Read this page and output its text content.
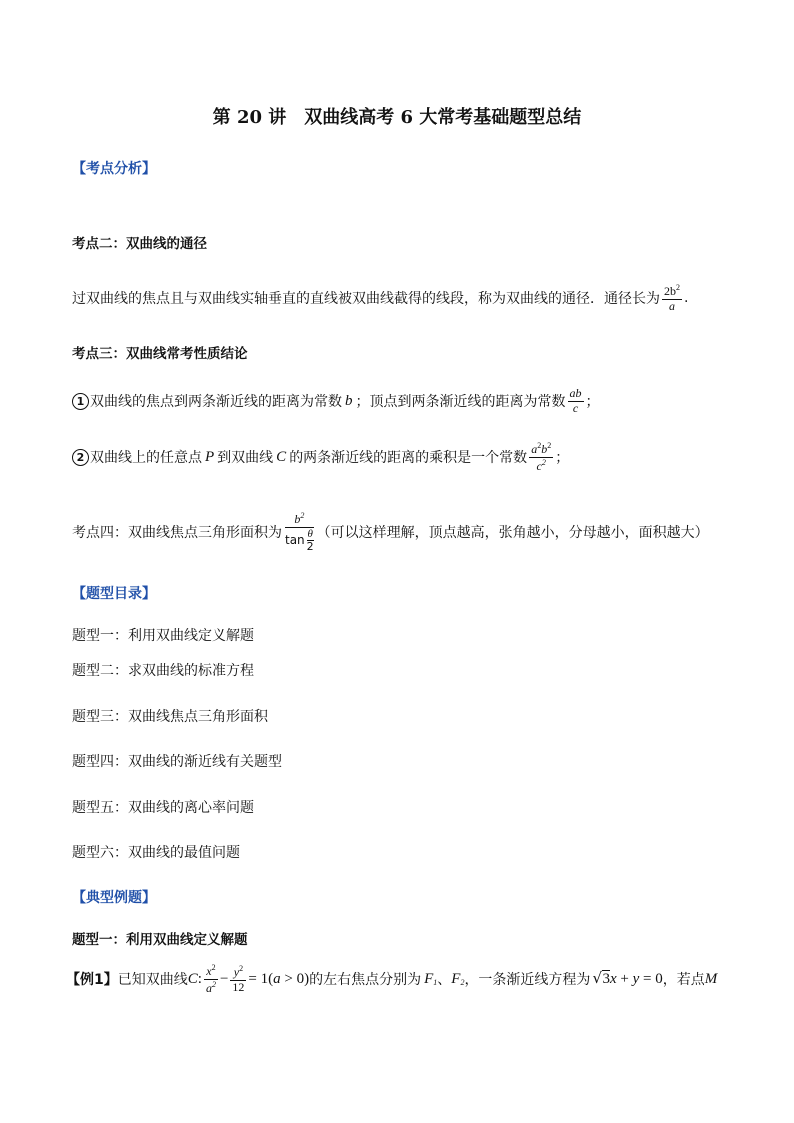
第 20 讲　双曲线高考 6 大常考基础题型总结
【考点分析】
考点二：双曲线的通径
过双曲线的焦点且与双曲线实轴垂直的直线被双曲线截得的线段，称为双曲线的通径．通径长为 $\frac{2b^2}{a}$ .
考点三：双曲线常考性质结论
1 双曲线的焦点到两条渐近线的距离为常数 b ；顶点到两条渐近线的距离为常数 $\frac{ab}{c}$ ；
2 双曲线上的任意点 P 到双曲线 C 的两条渐近线的距离的乘积是一个常数 $\frac{a^2b^2}{c^2}$ ；
考点四：双曲线焦点三角形面积为
$b^2$
tan θ
2
（可以这样理解，顶点越高，张角越小，分母越小，面积越大）
【题型目录】
题型一：利用双曲线定义解题
题型二：求双曲线的标准方程
题型三：双曲线焦点三角形面积
题型四：双曲线的渐近线有关题型
题型五：双曲线的离心率问题
题型六：双曲线的最值问题
【典型例题】
题型一：利用双曲线定义解题
【例1】 已知双曲线 C : $\frac{x^2}{a^2} - \frac{y^2}{12} = 1$( a > 0) 的左右焦点分别为 $F_1$ 、 $F_2$ ，一条渐近线方程为
√ 3 x + y = 0 ，若点 M
